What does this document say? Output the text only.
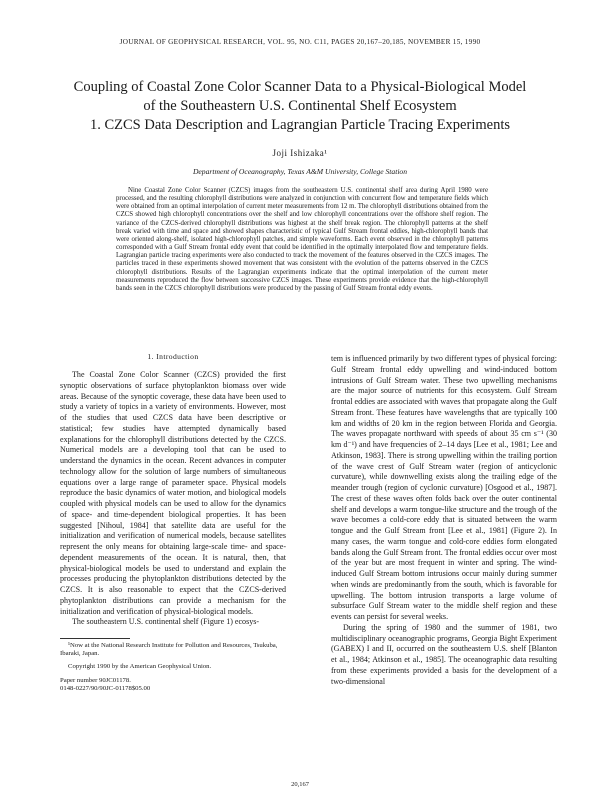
JOURNAL OF GEOPHYSICAL RESEARCH, VOL. 95, NO. C11, PAGES 20,167–20,185, NOVEMBER 15, 1990
Coupling of Coastal Zone Color Scanner Data to a Physical-Biological Model
of the Southeastern U.S. Continental Shelf Ecosystem
1. CZCS Data Description and Lagrangian Particle Tracing Experiments
Joji Ishizaka¹
Department of Oceanography, Texas A&M University, College Station

Nine Coastal Zone Color Scanner (CZCS) images from the southeastern U.S. continental shelf area during April 1980 were processed, and the resulting chlorophyll distributions were analyzed in conjunction with concurrent flow and temperature fields which were obtained from an optimal interpolation of current meter measurements from 12 m. The chlorophyll distributions obtained from the CZCS showed high chlorophyll concentrations over the shelf and low chlorophyll concentrations over the offshore shelf region. The variance of the CZCS-derived chlorophyll distributions was highest at the shelf break region. The chlorophyll patterns at the shelf break varied with time and space and showed shapes characteristic of typical Gulf Stream frontal eddies, high-chlorophyll bands that were oriented along-shelf, isolated high-chlorophyll patches, and simple waveforms. Each event observed in the chlorophyll patterns corresponded with a Gulf Stream frontal eddy event that could be identified in the optimally interpolated flow and temperature fields. Lagrangian particle tracing experiments were also conducted to track the movement of the features observed in the CZCS images. The particles traced in these experiments showed movement that was consistent with the evolution of the patterns observed in the CZCS chlorophyll distributions. Results of the Lagrangian experiments indicate that the optimal interpolation of the current meter measurements reproduced the flow between successive CZCS images. These experiments provide evidence that the high-chlorophyll bands seen in the CZCS chlorophyll distributions were produced by the passing of Gulf Stream frontal eddy events.

1. Introduction

The Coastal Zone Color Scanner (CZCS) provided the first synoptic observations of surface phytoplankton biomass over wide areas. Because of the synoptic coverage, these data have been used to study a variety of topics in a variety of environments. However, most of the studies that used CZCS data have been descriptive or statistical; few studies have attempted dynamically based explanations for the chlorophyll distributions detected by the CZCS. Numerical models are a developing tool that can be used to understand the dynamics in the ocean. Recent advances in computer technology allow for the solution of large numbers of simultaneous equations over a large range of parameter space. Physical models reproduce the basic dynamics of water motion, and biological models coupled with physical models can be used to allow for the dynamics of space- and time-dependent biological properties. It has been suggested [Nihoul, 1984] that satellite data are useful for the initialization and verification of numerical models, because satellites represent the only means for obtaining large-scale time- and space-dependent measurements of the ocean. It is natural, then, that physical-biological models be used to understand and explain the processes producing the phytoplankton distributions detected by the CZCS. It is also reasonable to expect that the CZCS-derived phytoplankton distributions can provide a mechanism for the initialization and verification of physical-biological models.

The southeastern U.S. continental shelf (Figure 1) ecosys-

¹Now at the National Research Institute for Pollution and Resources, Tsukuba, Ibaraki, Japan.
Copyright 1990 by the American Geophysical Union.
Paper number 90JC01178.
0148-0227/90/90JC-01178$05.00

tem is influenced primarily by two different types of physical forcing: Gulf Stream frontal eddy upwelling and wind-induced bottom intrusions of Gulf Stream water. These two upwelling mechanisms are the major source of nutrients for this ecosystem. Gulf Stream frontal eddies are associated with waves that propagate along the Gulf Stream front. These features have wavelengths that are typically 100 km and widths of 20 km in the region between Florida and Georgia. The waves propagate northward with speeds of about 35 cm s⁻¹ (30 km d⁻¹) and have frequencies of 2–14 days [Lee et al., 1981; Lee and Atkinson, 1983]. There is strong upwelling within the trailing portion of the wave crest of Gulf Stream water (region of anticyclonic curvature), while downwelling exists along the trailing edge of the meander trough (region of cyclonic curvature) [Osgood et al., 1987]. The crest of these waves often folds back over the outer continental shelf and develops a warm tongue-like structure and the trough of the wave becomes a cold-core eddy that is situated between the warm tongue and the Gulf Stream front [Lee et al., 1981] (Figure 2). In many cases, the warm tongue and cold-core eddies form elongated bands along the Gulf Stream front. The frontal eddies occur over most of the year but are most frequent in winter and spring. The wind-induced Gulf Stream bottom intrusions occur mainly during summer when winds are predominantly from the south, which is favorable for upwelling. The bottom intrusion transports a large volume of subsurface Gulf Stream water to the middle shelf region and these events can persist for several weeks.

During the spring of 1980 and the summer of 1981, two multidisciplinary oceanographic programs, Georgia Bight Experiment (GABEX) I and II, occurred on the southeastern U.S. shelf [Blanton et al., 1984; Atkinson et al., 1985]. The oceanographic data resulting from these experiments provided a basis for the development of a two-dimensional

20,167
